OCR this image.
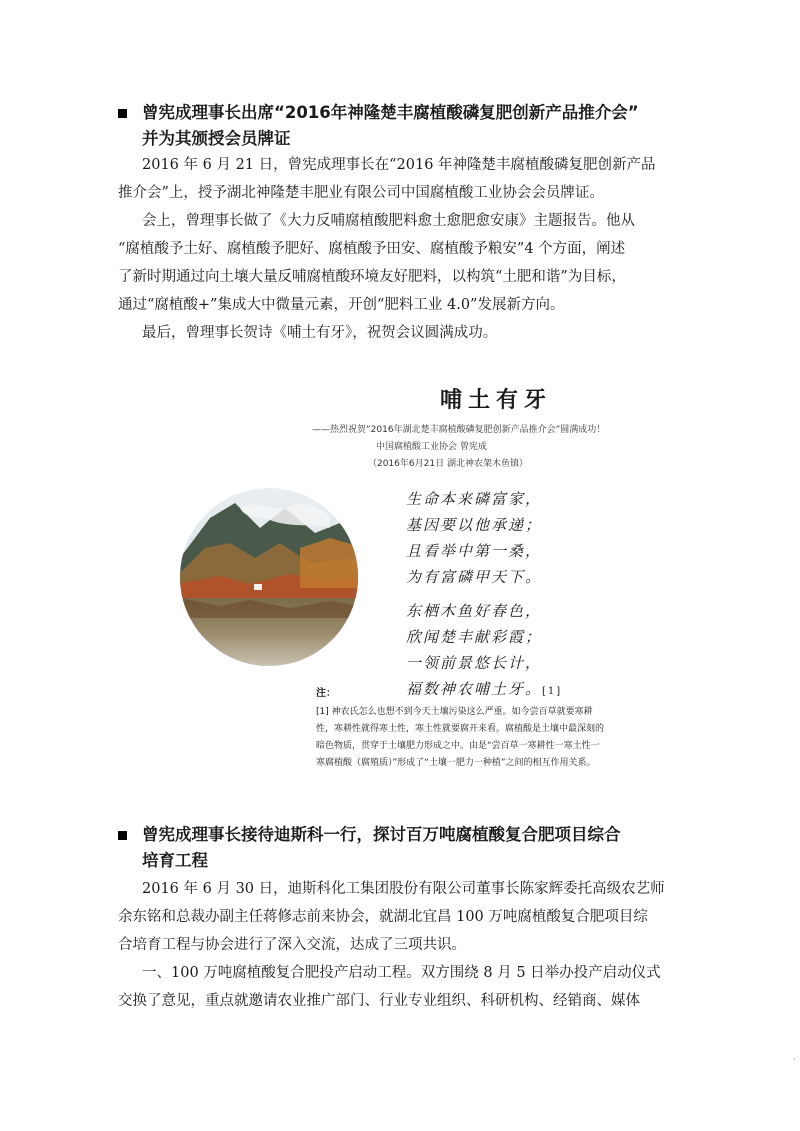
曾宪成理事长出席“2016年神隆楚丰腐植酸磷复肥创新产品推介会”
并为其颁授会员牌证
2016 年 6 月 21 日，曾宪成理事长在“2016 年神隆楚丰腐植酸磷复肥创新产品
推介会”上，授予湖北神隆楚丰肥业有限公司中国腐植酸工业协会会员牌证。
会上，曾理事长做了《大力反哺腐植酸肥料愈土愈肥愈安康》主题报告。他从
“腐植酸予土好、腐植酸予肥好、腐植酸予田安、腐植酸予粮安”4 个方面，阐述
了新时期通过向土壤大量反哺腐植酸环境友好肥料，以构筑“土肥和谐”为目标，
通过“腐植酸+”集成大中微量元素，开创“肥料工业 4.0”发展新方向。
最后，曾理事长贺诗《哺土有牙》，祝贺会议圆满成功。
哺土有牙
——热烈祝贺“2016年湖北楚丰腐植酸磷复肥创新产品推介会”圆满成功！
中国腐植酸工业协会 曾宪成
（2016年6月21日 湖北神农架木鱼镇）
生命本来磷富家，
基因要以他承递；
且看举中第一桑，
为有富磷甲天下。
东栖木鱼好春色，
欣闻楚丰献彩霞；
一领前景悠长计，
福数神农哺土牙。[1]
注：
[1] 神农氏怎么也想不到今天土壤污染这么严重。如今尝百草就要寒耕
性，寒耕性就得寒土性，寒土性就要腐开来看。腐植酸是土壤中最深刻的
暗色物质，贯穿于土壤肥力形成之中。由是“尝百草一寒耕性一寒土性一
寒腐植酸（腐殖质）”形成了“土壤一肥力一种植”之间的相互作用关系。
曾宪成理事长接待迪斯科一行，探讨百万吨腐植酸复合肥项目综合
培育工程
2016 年 6 月 30 日，迪斯科化工集团股份有限公司董事长陈家辉委托高级农艺师
余东铭和总裁办副主任蒋修志前来协会，就湖北宜昌 100 万吨腐植酸复合肥项目综
合培育工程与协会进行了深入交流，达成了三项共识。
一、100 万吨腐植酸复合肥投产启动工程。双方围绕 8 月 5 日举办投产启动仪式
交换了意见，重点就邀请农业推广部门、行业专业组织、科研机构、经销商、媒体
·
